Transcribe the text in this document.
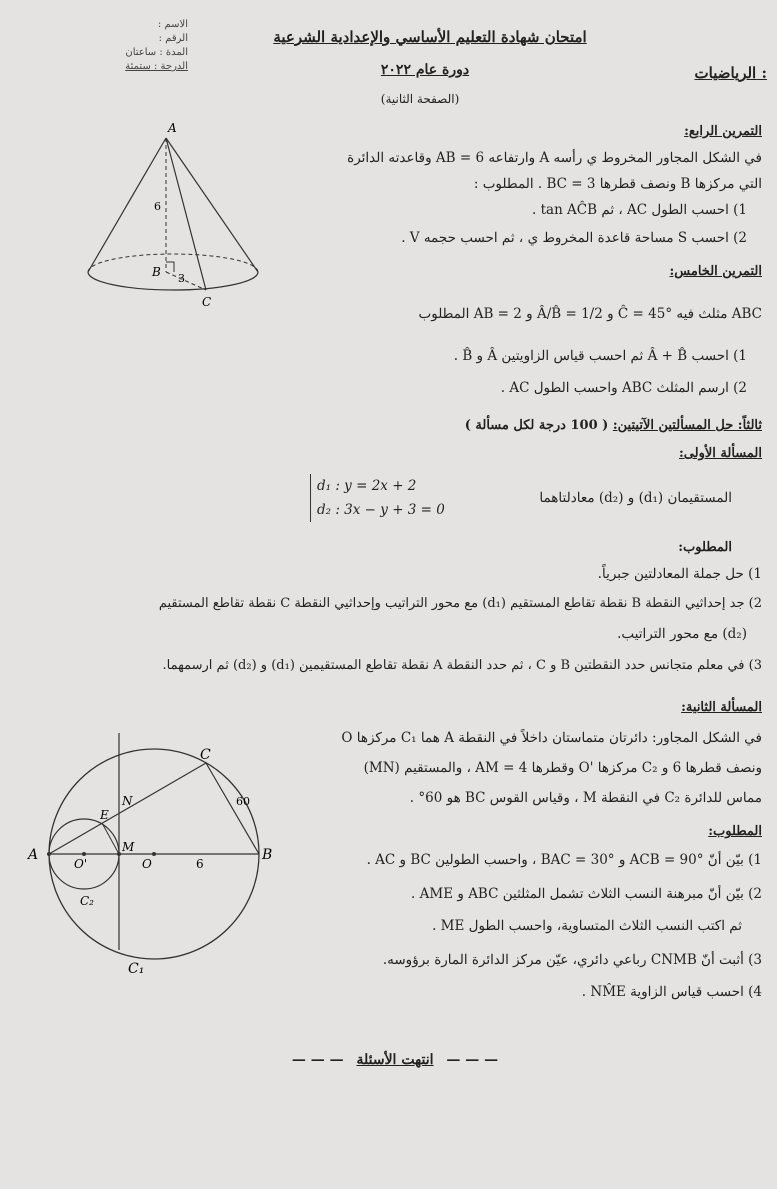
الاسم :
الرقم :
المدة : ساعتان
الدرجة : ستمئة
امتحان شهادة التعليم الأساسي والإعدادية الشرعية
دورة عام ٢٠٢٢
(الصفحة الثانية)
الرياضيات :
A
6
B 3
C
التمرين الرابع:
في الشكل المجاور المخروط ي رأسه A وارتفاعه AB = 6 وقاعدته الدائرة
التي مركزها B ونصف قطرها BC = 3 . المطلوب :
1) احسب الطول AC ، ثم tan AĈB .
2) احسب S مساحة قاعدة المخروط ي ، ثم احسب حجمه V .
التمرين الخامس:
ABC مثلث فيه Ĉ = 45° و Â/B̂ = 1/2 و AB = 2 المطلوب
1) احسب Â + B̂ ثم احسب قياس الزاويتين Â و B̂ .
2) ارسم المثلث ABC واحسب الطول AC .
ثالثاً: حل المسألتين الآتيتين: ( 100 درجة لكل مسألة )
المسألة الأولى:
المستقيمان (d₁) و (d₂) معادلتاهما
d₁ : y = 2x + 2
d₂ : 3x − y + 3 = 0
المطلوب:
1) حل جملة المعادلتين جبرياً.
2) جد إحداثيي النقطة B نقطة تقاطع المستقيم (d₁) مع محور التراتيب وإحداثيي النقطة C نقطة تقاطع المستقيم
(d₂) مع محور التراتيب.
3) في معلم متجانس حدد النقطتين B و C ، ثم حدد النقطة A نقطة تقاطع المستقيمين (d₁) و (d₂) ثم ارسمهما.
المسألة الثانية:
في الشكل المجاور: دائرتان متماستان داخلاً في النقطة A هما C₁ مركزها O
ونصف قطرها 6 و C₂ مركزها 'O وقطرها AM = 4 ، والمستقيم (MN)
مماس للدائرة C₂ في النقطة M ، وقياس القوس BC هو 60° .
المطلوب:
1) بيّن أنّ ACB = 90° و BAC = 30° ، واحسب الطولين BC و AC .
2) بيّن أنّ مبرهنة النسب الثلاث تشمل المثلثين ABC و AME .
ثم اكتب النسب الثلاث المتساوية، واحسب الطول ME .
3) أثبت أنّ CNMB رباعي دائري، عيّن مركز الدائرة المارة برؤوسه.
4) احسب قياس الزاوية NM̂E .
A	B
C
E
N
M
O
O'	6
60
C₁
C₂
— — — انتهت الأسئلة — — —
